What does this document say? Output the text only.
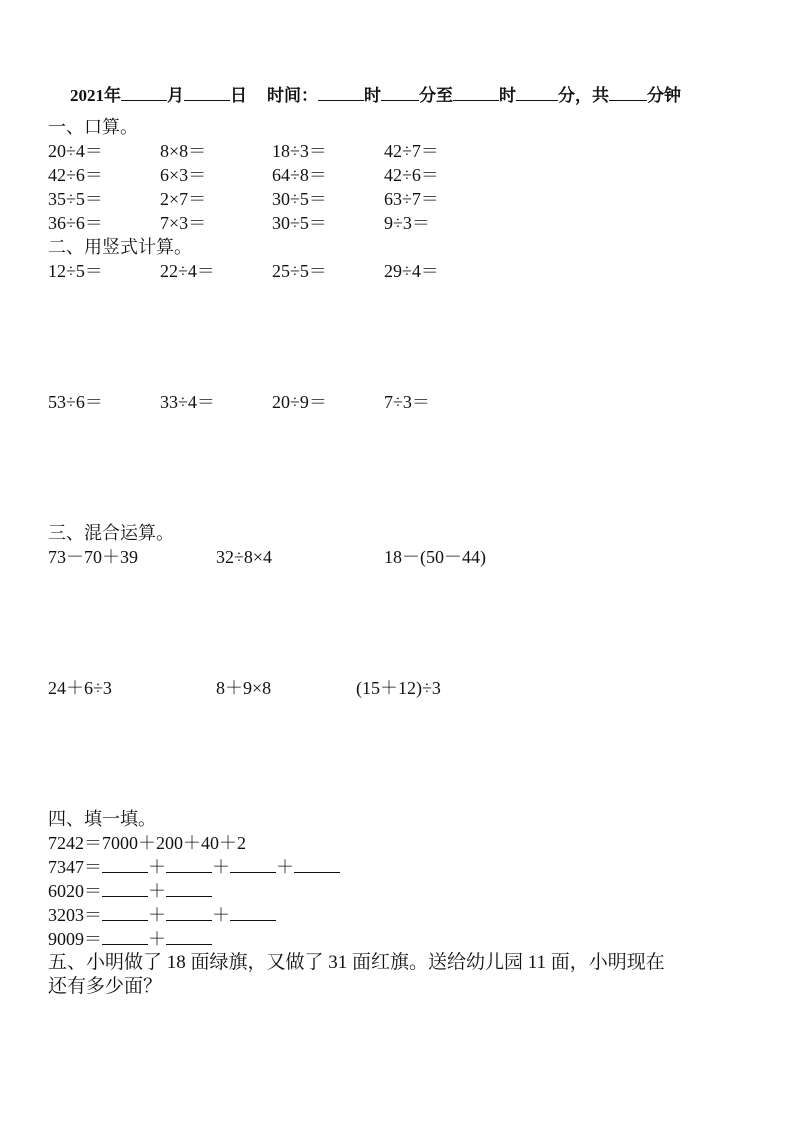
2021年	月	日 时间：	时 分至	时 分，共 分钟
一、口算。
20÷4＝	8×8＝	18÷3＝	42÷7＝
42÷6＝	6×3＝	64÷8＝	42÷6＝
35÷5＝	2×7＝	30÷5＝	63÷7＝
36÷6＝	7×3＝	30÷5＝	9÷3＝
二、用竖式计算。
12÷5＝	22÷4＝	25÷5＝	29÷4＝
53÷6＝	33÷4＝	20÷9＝	7÷3＝
三、混合运算。
73－70＋39	32÷8×4	18－(50－44)
24＋6÷3	8＋9×8	(15＋12)÷3
四、填一填。
7242＝7000＋200＋40＋2
7347＝	＋	＋	＋
6020＝	＋
3203＝	＋	＋
9009＝	＋
五、小明做了 18 面绿旗，又做了 31 面红旗。送给幼儿园 11 面，小明现在
还有多少面？
